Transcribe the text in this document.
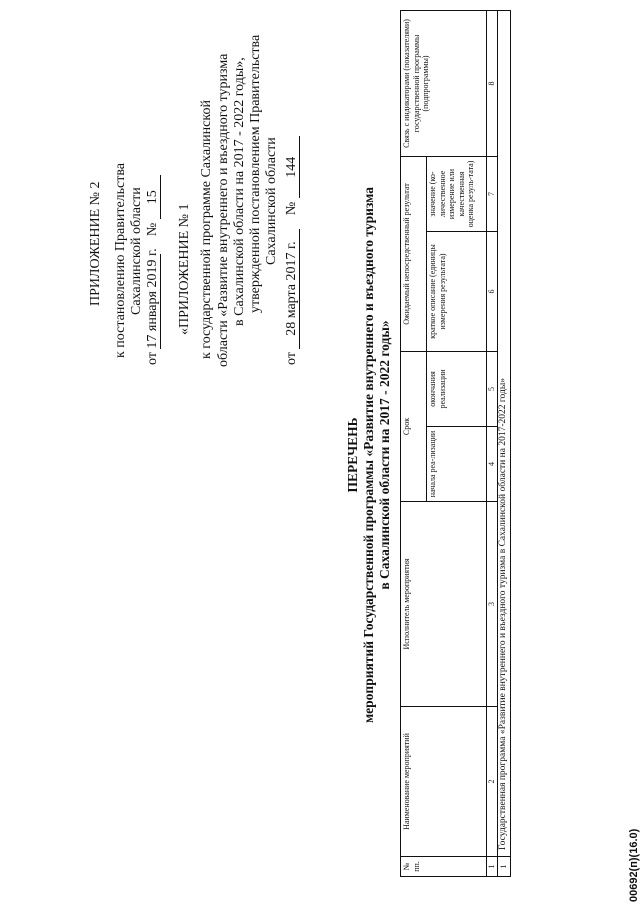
ПРИЛОЖЕНИЕ № 2 к постановлению Правительства Сахалинской области
от 17 января 2019 г. № 15
«ПРИЛОЖЕНИЕ № 1 к государственной программе Сахалинской области «Развитие внутреннего и въездного туризма в Сахалинской области на 2017 - 2022 годы», утвержденной постановлением Правительства Сахалинской области
от 28 марта 2017 г. № 144
ПЕРЕЧЕНЬ мероприятий Государственной программы «Развитие внутреннего и въездного туризма в Сахалинской области на 2017 - 2022 годы»
№ пп.	Наименование мероприятий	Исполнитель мероприятия	Срок		Ожидаемый непосредственный результат		Связь с индикаторами (показателями) государственной программы (подпрограммы)
			начала реа-лизации	окончания реализации	краткое описание (единицы измерения результата)	значение (ко-личественное измерение или качественная оценка резуль-тата)	
1	2	3	4	5	6	7	8
1	Государственная программа «Развитие внутреннего и въездного туризма в Сахалинской области на 2017-2022 годы»						
00692(п)(16.0)
